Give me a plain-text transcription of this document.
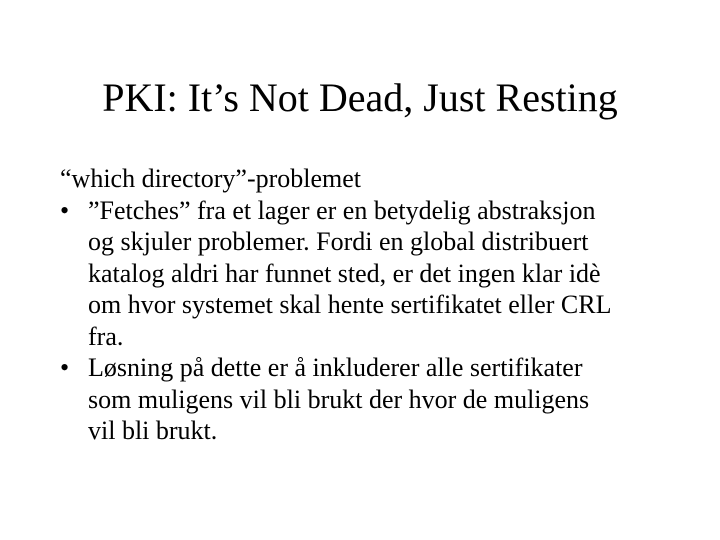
PKI: It’s Not Dead, Just Resting

“which directory”-problemet

• ”Fetches” fra et lager er en betydelig abstraksjon
og skjuler problemer. Fordi en global distribuert
katalog aldri har funnet sted, er det ingen klar idè
om hvor systemet skal hente sertifikatet eller CRL
fra.
• Løsning på dette er å inkluderer alle sertifikater
som muligens vil bli brukt der hvor de muligens
vil bli brukt.
